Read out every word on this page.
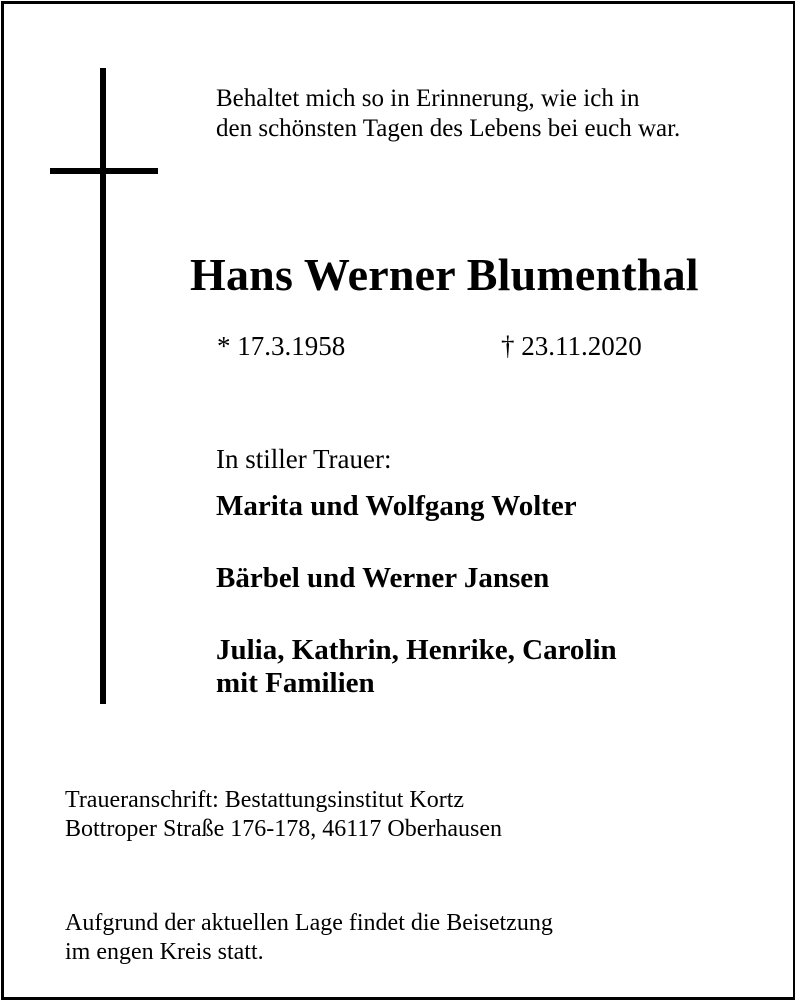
Behaltet mich so in Erinnerung, wie ich in
den schönsten Tagen des Lebens bei euch war.
Hans Werner Blumenthal
* 17.3.1958	† 23.11.2020
In stiller Trauer:
Marita und Wolfgang Wolter
Bärbel und Werner Jansen
Julia, Kathrin, Henrike, Carolin
mit Familien
Traueranschrift: Bestattungsinstitut Kortz
Bottroper Straße 176-178, 46117 Oberhausen
Aufgrund der aktuellen Lage findet die Beisetzung
im engen Kreis statt.
